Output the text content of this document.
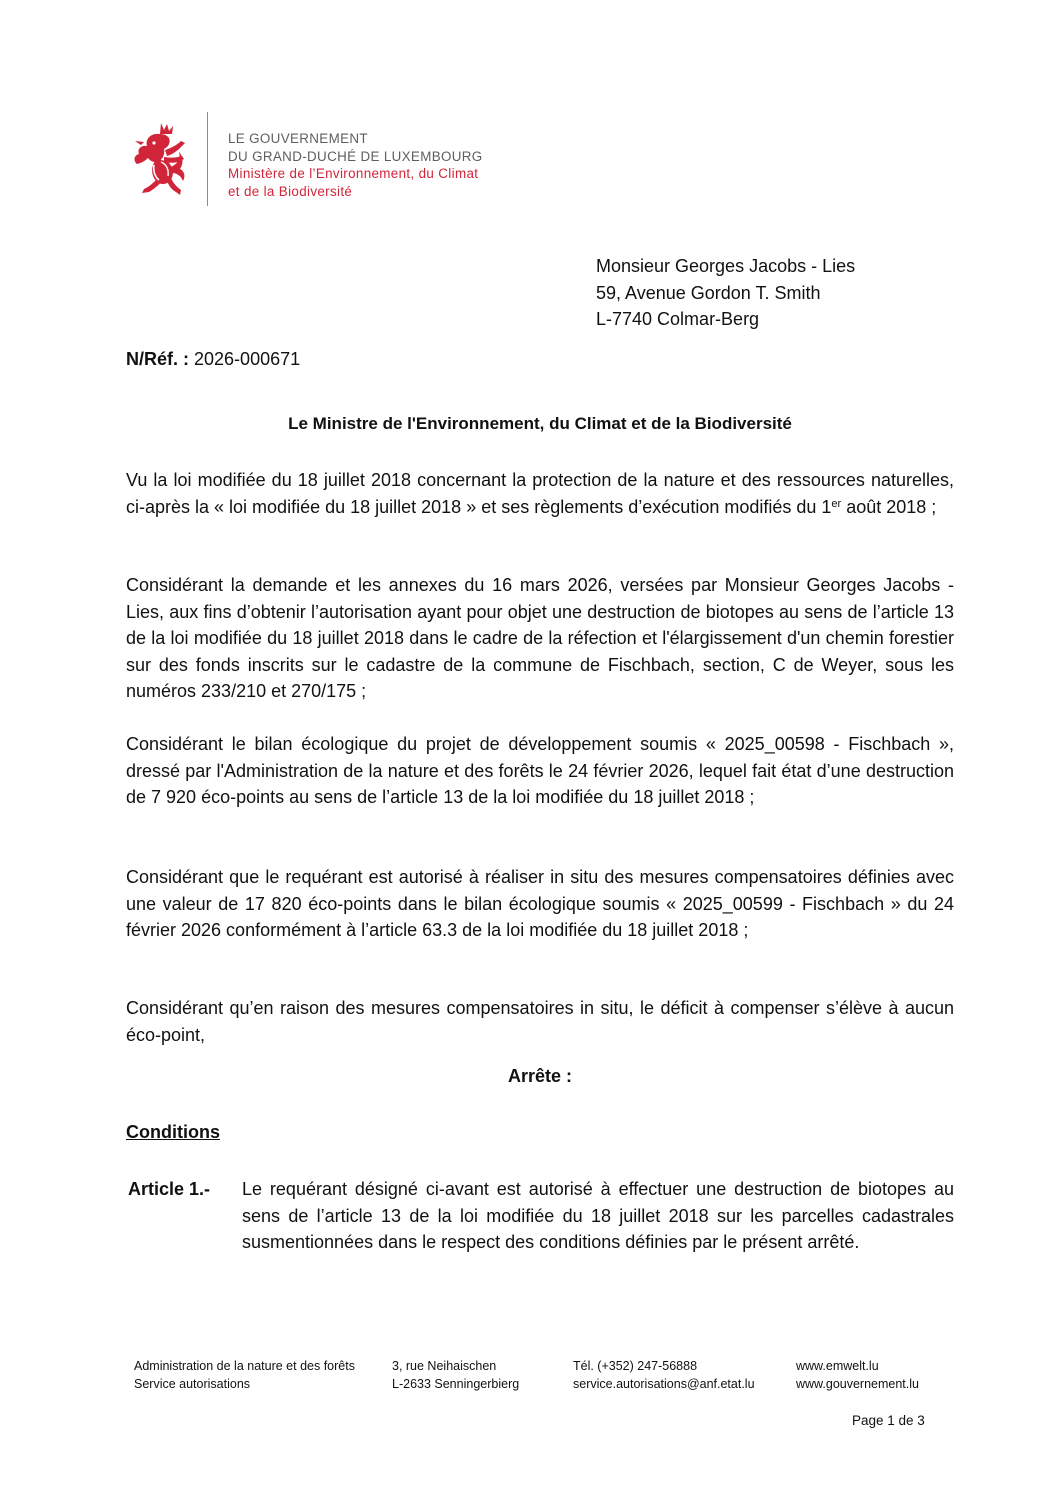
LE GOUVERNEMENT
DU GRAND-DUCHÉ DE LUXEMBOURG
Ministère de l’Environnement, du Climat
et de la Biodiversité
Monsieur Georges Jacobs - Lies
59, Avenue Gordon T. Smith
L-7740 Colmar-Berg
N/Réf. : 2026-000671
Le Ministre de l'Environnement, du Climat et de la Biodiversité
Vu la loi modifiée du 18 juillet 2018 concernant la protection de la nature et des ressources naturelles, ci-après la « loi modifiée du 18 juillet 2018 » et ses règlements d’exécution modifiés du 1er août 2018 ;
Considérant la demande et les annexes du 16 mars 2026, versées par Monsieur Georges Jacobs - Lies, aux fins d’obtenir l’autorisation ayant pour objet une destruction de biotopes au sens de l’article 13 de la loi modifiée du 18 juillet 2018 dans le cadre de la réfection et l'élargissement d'un chemin forestier sur des fonds inscrits sur le cadastre de la commune de Fischbach, section, C de Weyer, sous les numéros 233/210 et 270/175 ;
Considérant le bilan écologique du projet de développement soumis « 2025_00598 - Fischbach », dressé par l'Administration de la nature et des forêts le 24 février 2026, lequel fait état d’une destruction de 7 920 éco-points au sens de l’article 13 de la loi modifiée du 18 juillet 2018 ;
Considérant que le requérant est autorisé à réaliser in situ des mesures compensatoires définies avec une valeur de 17 820 éco-points dans le bilan écologique soumis « 2025_00599 - Fischbach » du 24 février 2026 conformément à l’article 63.3 de la loi modifiée du 18 juillet 2018 ;
Considérant qu’en raison des mesures compensatoires in situ, le déficit à compenser s’élève à aucun éco-point,
Arrête :
Conditions
Article 1.- Le requérant désigné ci-avant est autorisé à effectuer une destruction de biotopes au sens de l’article 13 de la loi modifiée du 18 juillet 2018 sur les parcelles cadastrales susmentionnées dans le respect des conditions définies par le présent arrêté.
Administration de la nature et des forêts
Service autorisations
3, rue Neihaischen
L-2633 Senningerbierg
Tél. (+352) 247-56888
service.autorisations@anf.etat.lu
www.emwelt.lu
www.gouvernement.lu
Page 1 de 3
